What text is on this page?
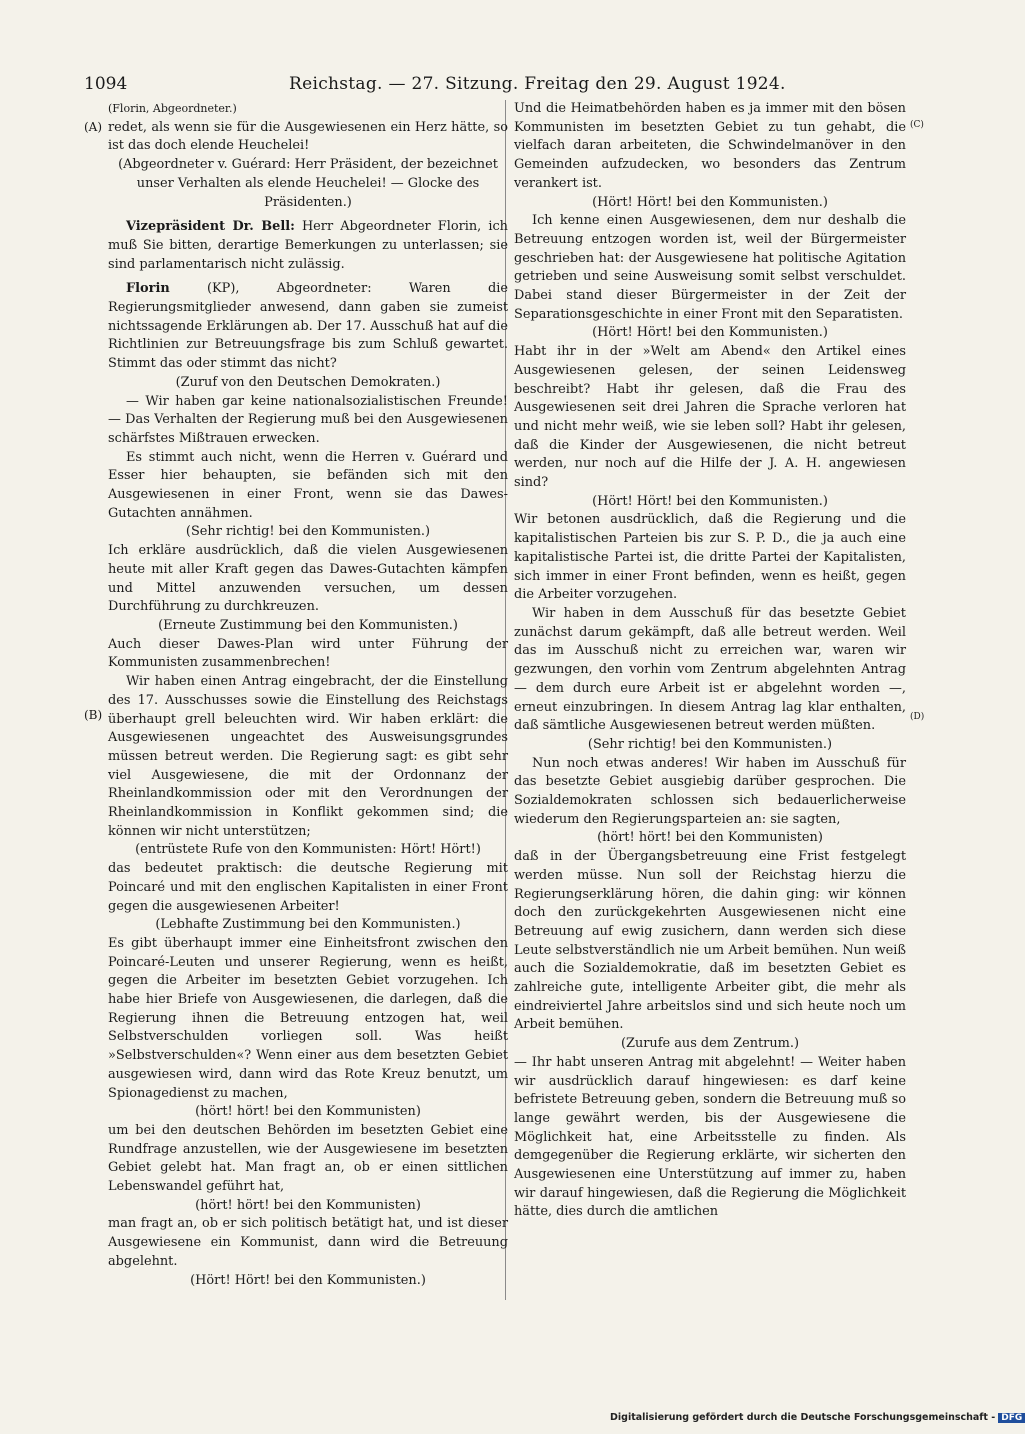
1094	Reichstag. — 27. Sitzung. Freitag den 29. August 1924.
(A)
(B)
(C)
(D)

(Florin, Abgeordneter.)

redet, als wenn sie für die Ausgewiesenen ein Herz hätte, so ist das doch elende Heuchelei!

(Abgeordneter v. Guérard: Herr Präsident, der bezeichnet unser Verhalten als elende Heuchelei! — Glocke des Präsidenten.)

Vizepräsident Dr. Bell: Herr Abgeordneter Florin, ich muß Sie bitten, derartige Bemerkungen zu unterlassen; sie sind parlamentarisch nicht zulässig.

Florin	(KP), Abgeordneter: Waren die Regierungsmitglieder anwesend, dann gaben sie zumeist nichtssagende Erklärungen ab. Der 17. Ausschuß hat auf die Richtlinien zur Betreuungsfrage bis zum Schluß gewartet. Stimmt das oder stimmt das nicht?

(Zuruf von den Deutschen Demokraten.)

— Wir haben gar keine nationalsozialistischen Freunde! — Das Verhalten der Regierung muß bei den Ausgewiesenen schärfstes Mißtrauen erwecken.

Es stimmt auch nicht, wenn die Herren v. Guérard und Esser hier behaupten, sie befänden sich mit den Ausgewiesenen in einer Front, wenn sie das Dawes-Gutachten annähmen.

(Sehr richtig! bei den Kommunisten.)

Ich erkläre ausdrücklich, daß die vielen Ausgewiesenen heute mit aller Kraft gegen das Dawes-Gutachten kämpfen und Mittel anzuwenden versuchen, um dessen Durchführung zu durchkreuzen.

(Erneute Zustimmung bei den Kommunisten.)

Auch dieser Dawes-Plan wird unter Führung der Kommunisten zusammenbrechen!

Wir haben einen Antrag eingebracht, der die Einstellung des 17. Ausschusses sowie die Einstellung des Reichstags überhaupt grell beleuchten wird. Wir haben erklärt: die Ausgewiesenen ungeachtet des Ausweisungsgrundes müssen betreut werden. Die Regierung sagt: es gibt sehr viel Ausgewiesene, die mit der Ordonnanz der Rheinlandkommission oder mit den Verordnungen der Rheinlandkommission in Konflikt gekommen sind; die können wir nicht unterstützen;

(entrüstete Rufe von den Kommunisten: Hört! Hört!)

das bedeutet praktisch: die deutsche Regierung mit Poincaré und mit den englischen Kapitalisten in einer Front gegen die ausgewiesenen Arbeiter!

(Lebhafte Zustimmung bei den Kommunisten.)

Es gibt überhaupt immer eine Einheitsfront zwischen den Poincaré-Leuten und unserer Regierung, wenn es heißt, gegen die Arbeiter im besetzten Gebiet vorzugehen. Ich habe hier Briefe von Ausgewiesenen, die darlegen, daß die Regierung ihnen die Betreuung entzogen hat, weil Selbstverschulden vorliegen soll. Was heißt »Selbstverschulden«? Wenn einer aus dem besetzten Gebiet ausgewiesen wird, dann wird das Rote Kreuz benutzt, um Spionagedienst zu machen,

(hört! hört! bei den Kommunisten)

um bei den deutschen Behörden im besetzten Gebiet eine Rundfrage anzustellen, wie der Ausgewiesene im besetzten Gebiet gelebt hat. Man fragt an, ob er einen sittlichen Lebenswandel geführt hat,

(hört! hört! bei den Kommunisten)

man fragt an, ob er sich politisch betätigt hat, und ist dieser Ausgewiesene ein Kommunist, dann wird die Betreuung abgelehnt.

(Hört! Hört! bei den Kommunisten.)

Und die Heimatbehörden haben es ja immer mit den bösen Kommunisten im besetzten Gebiet zu tun gehabt, die vielfach daran arbeiteten, die Schwindelmanöver in den Gemeinden aufzudecken, wo besonders das Zentrum verankert ist.

(Hört! Hört! bei den Kommunisten.)

Ich kenne einen Ausgewiesenen, dem nur deshalb die Betreuung entzogen worden ist, weil der Bürgermeister geschrieben hat: der Ausgewiesene hat politische Agitation getrieben und seine Ausweisung somit selbst verschuldet. Dabei stand dieser Bürgermeister in der Zeit der Separationsgeschichte in einer Front mit den Separatisten.

(Hört! Hört! bei den Kommunisten.)

Habt ihr in der »Welt am Abend« den Artikel eines Ausgewiesenen gelesen, der seinen Leidensweg beschreibt? Habt ihr gelesen, daß die Frau des Ausgewiesenen seit drei Jahren die Sprache verloren hat und nicht mehr weiß, wie sie leben soll? Habt ihr gelesen, daß die Kinder der Ausgewiesenen, die nicht betreut werden, nur noch auf die Hilfe der J. A. H. angewiesen sind?

(Hört! Hört! bei den Kommunisten.)

Wir betonen ausdrücklich, daß die Regierung und die kapitalistischen Parteien bis zur S. P. D., die ja auch eine kapitalistische Partei ist, die dritte Partei der Kapitalisten, sich immer in einer Front befinden, wenn es heißt, gegen die Arbeiter vorzugehen.

Wir haben in dem Ausschuß für das besetzte Gebiet zunächst darum gekämpft, daß alle betreut werden. Weil das im Ausschuß nicht zu erreichen war, waren wir gezwungen, den vorhin vom Zentrum abgelehnten Antrag — dem durch eure Arbeit ist er abgelehnt worden —, erneut einzubringen. In diesem Antrag lag klar enthalten, daß sämtliche Ausgewiesenen betreut werden müßten.

(Sehr richtig! bei den Kommunisten.)

Nun noch etwas anderes! Wir haben im Ausschuß für das besetzte Gebiet ausgiebig darüber gesprochen. Die Sozialdemokraten schlossen sich bedauerlicherweise wiederum den Regierungsparteien an: sie sagten,

(hört! hört! bei den Kommunisten)

daß in der Übergangsbetreuung eine Frist festgelegt werden müsse. Nun soll der Reichstag hierzu die Regierungserklärung hören, die dahin ging: wir können doch den zurückgekehrten Ausgewiesenen nicht eine Betreuung auf ewig zusichern, dann werden sich diese Leute selbstverständlich nie um Arbeit bemühen. Nun weiß auch die Sozialdemokratie, daß im besetzten Gebiet es zahlreiche gute, intelligente Arbeiter gibt, die mehr als eindreiviertel Jahre arbeitslos sind und sich heute noch um Arbeit bemühen.

(Zurufe aus dem Zentrum.)

— Ihr habt unseren Antrag mit abgelehnt! — Weiter haben wir ausdrücklich darauf hingewiesen: es darf keine befristete Betreuung geben, sondern die Betreuung muß so lange gewährt werden, bis der Ausgewiesene die Möglichkeit hat, eine Arbeitsstelle zu finden. Als demgegenüber die Regierung erklärte, wir sicherten den Ausgewiesenen eine Unterstützung auf immer zu, haben wir darauf hingewiesen, daß die Regierung die Möglichkeit hätte, dies durch die amtlichen

Digitalisierung gefördert durch die Deutsche Forschungsgemeinschaft - DFG
